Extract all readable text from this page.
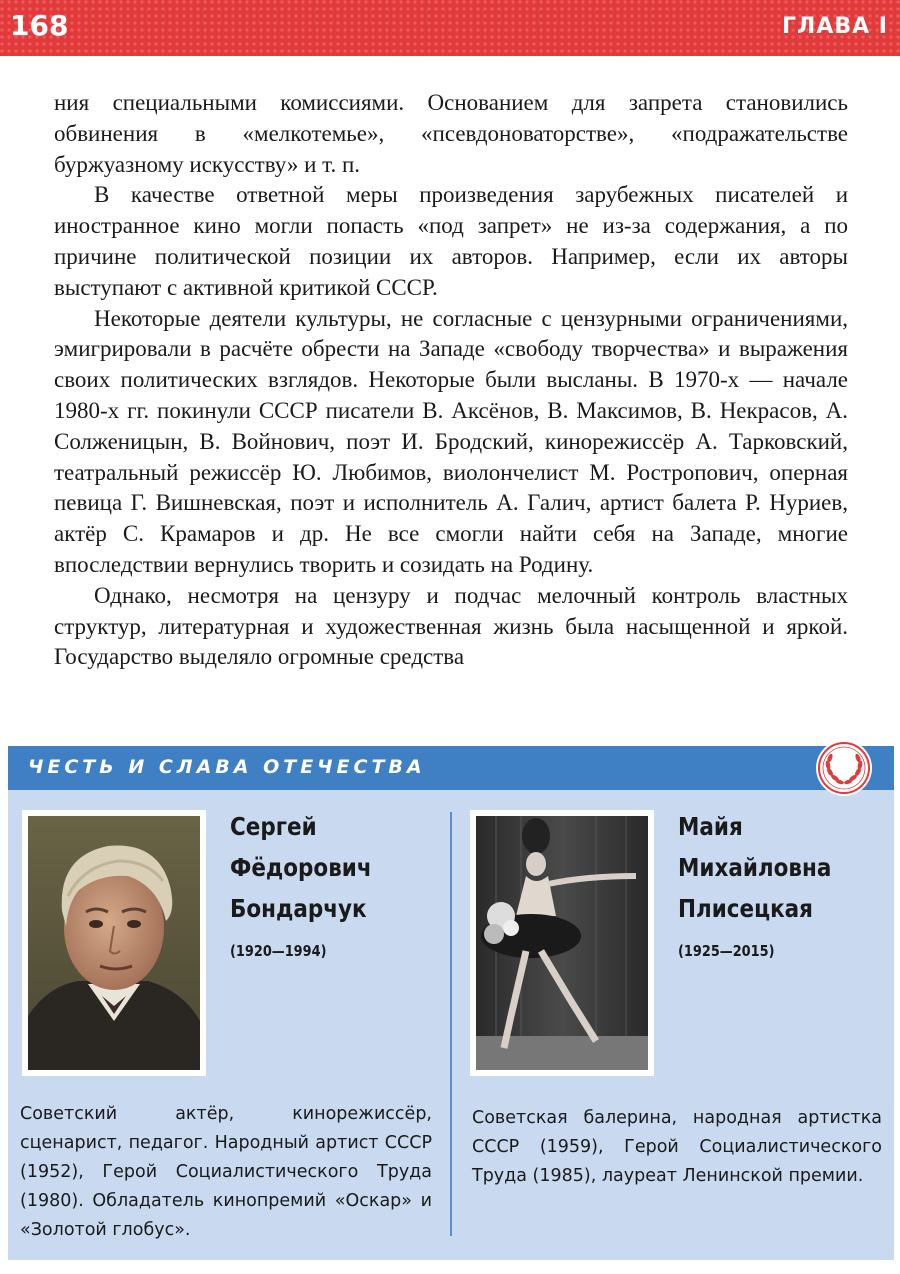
168	ГЛАВА I

ния специальными комиссиями. Основанием для запрета становились обвинения в «мелкотемье», «псевдоноваторстве», «подражательстве буржуазному искусству» и т. п.

В качестве ответной меры произведения зарубежных писателей и иностранное кино могли попасть «под запрет» не из-за содержания, а по причине политической позиции их авторов. Например, если их авторы выступают с активной критикой СССР.

Некоторые деятели культуры, не согласные с цензурными ограничениями, эмигрировали в расчёте обрести на Западе «свободу творчества» и выражения своих политических взглядов. Некоторые были высланы. В 1970-х — начале 1980-х гг. покинули СССР писатели В. Аксёнов, В. Максимов, В. Некрасов, А. Солженицын, В. Войнович, поэт И. Бродский, кинорежиссёр А. Тарковский, театральный режиссёр Ю. Любимов, виолончелист М. Ростропович, оперная певица Г. Вишневская, поэт и исполнитель А. Галич, артист балета Р. Нуриев, актёр С. Крамаров и др. Не все смогли найти себя на Западе, многие впоследствии вернулись творить и созидать на Родину.

Однако, несмотря на цензуру и подчас мелочный контроль властных структур, литературная и художественная жизнь была насыщенной и яркой. Государство выделяло огромные средства

ЧЕСТЬ И СЛАВА ОТЕЧЕСТВА
Сергей
Фёдорович
Бондарчук
(1920—1994)
Советский актёр, кинорежиссёр, сценарист, педагог. Народный артист СССР (1952), Герой Социалистического Труда (1980). Обладатель кинопремий «Оскар» и «Золотой глобус».
Майя
Михайловна
Плисецкая
(1925—2015)
Советская балерина, народная артистка СССР (1959), Герой Социалистического Труда (1985), лауреат Ленинской премии.
